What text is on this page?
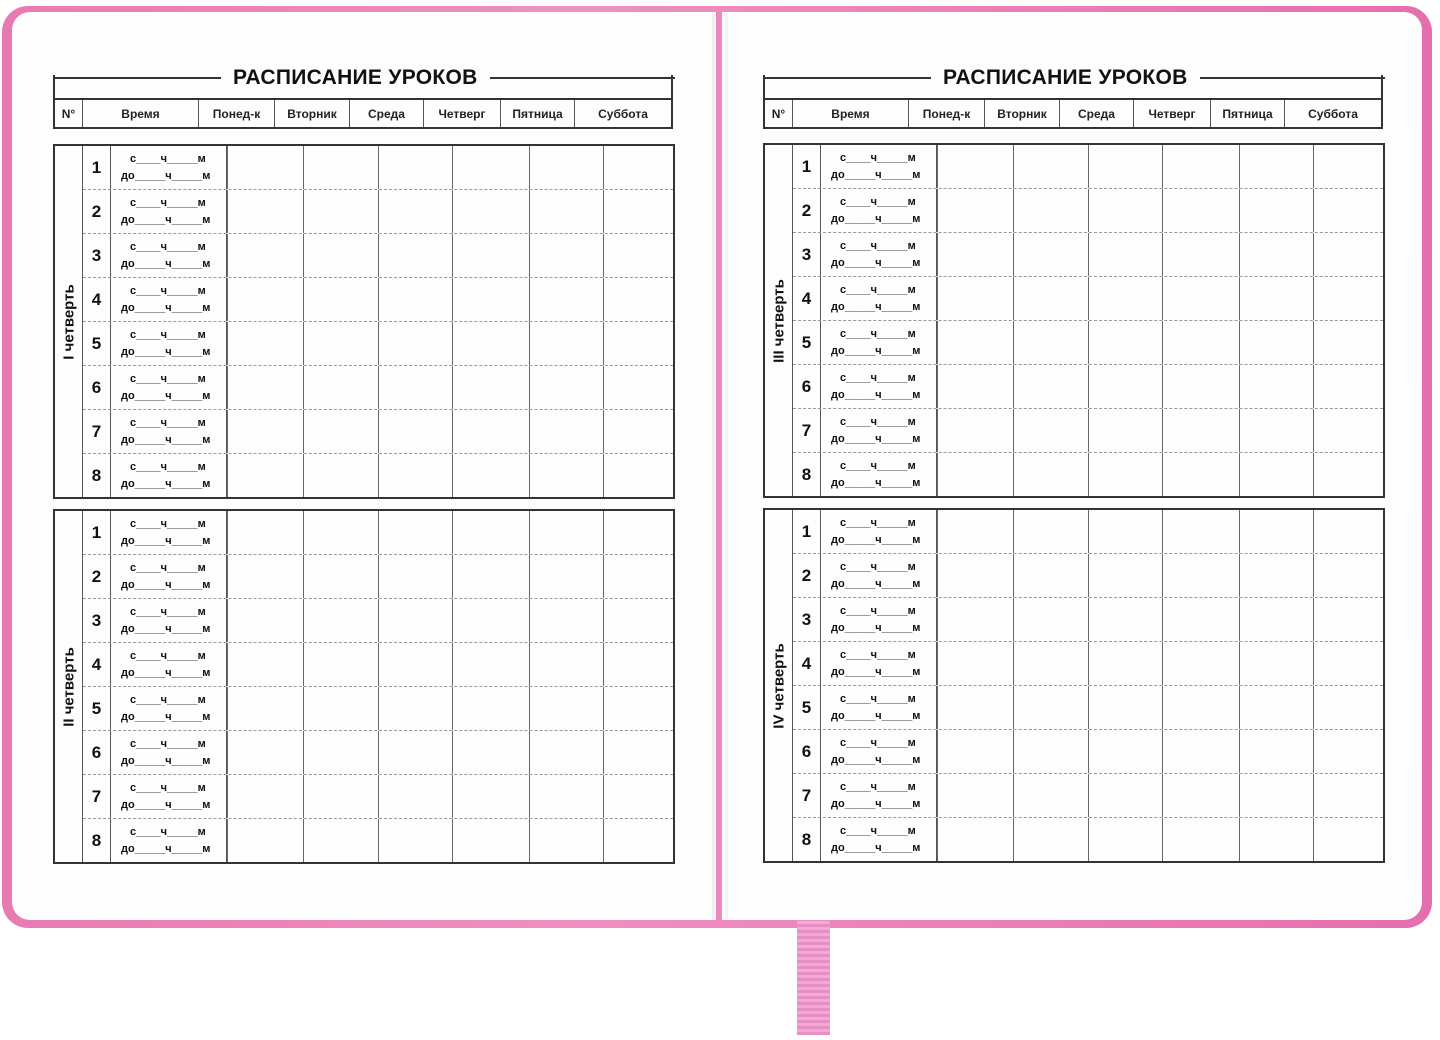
РАСПИСАНИЕ УРОКОВ
N°	Время	Понед-к	Вторник	Среда	Четверг	Пятница	Суббота
I четверть
1	с____ч_____м
до_____ч_____м
2	с____ч_____м
до_____ч_____м
3	с____ч_____м
до_____ч_____м
4	с____ч_____м
до_____ч_____м
5	с____ч_____м
до_____ч_____м
6	с____ч_____м
до_____ч_____м
7	с____ч_____м
до_____ч_____м
8	с____ч_____м
до_____ч_____м
II четверть
1	с____ч_____м
до_____ч_____м
2	с____ч_____м
до_____ч_____м
3	с____ч_____м
до_____ч_____м
4	с____ч_____м
до_____ч_____м
5	с____ч_____м
до_____ч_____м
6	с____ч_____м
до_____ч_____м
7	с____ч_____м
до_____ч_____м
8	с____ч_____м
до_____ч_____м
РАСПИСАНИЕ УРОКОВ
N°	Время	Понед-к	Вторник	Среда	Четверг	Пятница	Суббота
III четверть
1	с____ч_____м
до_____ч_____м
2	с____ч_____м
до_____ч_____м
3	с____ч_____м
до_____ч_____м
4	с____ч_____м
до_____ч_____м
5	с____ч_____м
до_____ч_____м
6	с____ч_____м
до_____ч_____м
7	с____ч_____м
до_____ч_____м
8	с____ч_____м
до_____ч_____м
IV четверть
1	с____ч_____м
до_____ч_____м
2	с____ч_____м
до_____ч_____м
3	с____ч_____м
до_____ч_____м
4	с____ч_____м
до_____ч_____м
5	с____ч_____м
до_____ч_____м
6	с____ч_____м
до_____ч_____м
7	с____ч_____м
до_____ч_____м
8	с____ч_____м
до_____ч_____м
